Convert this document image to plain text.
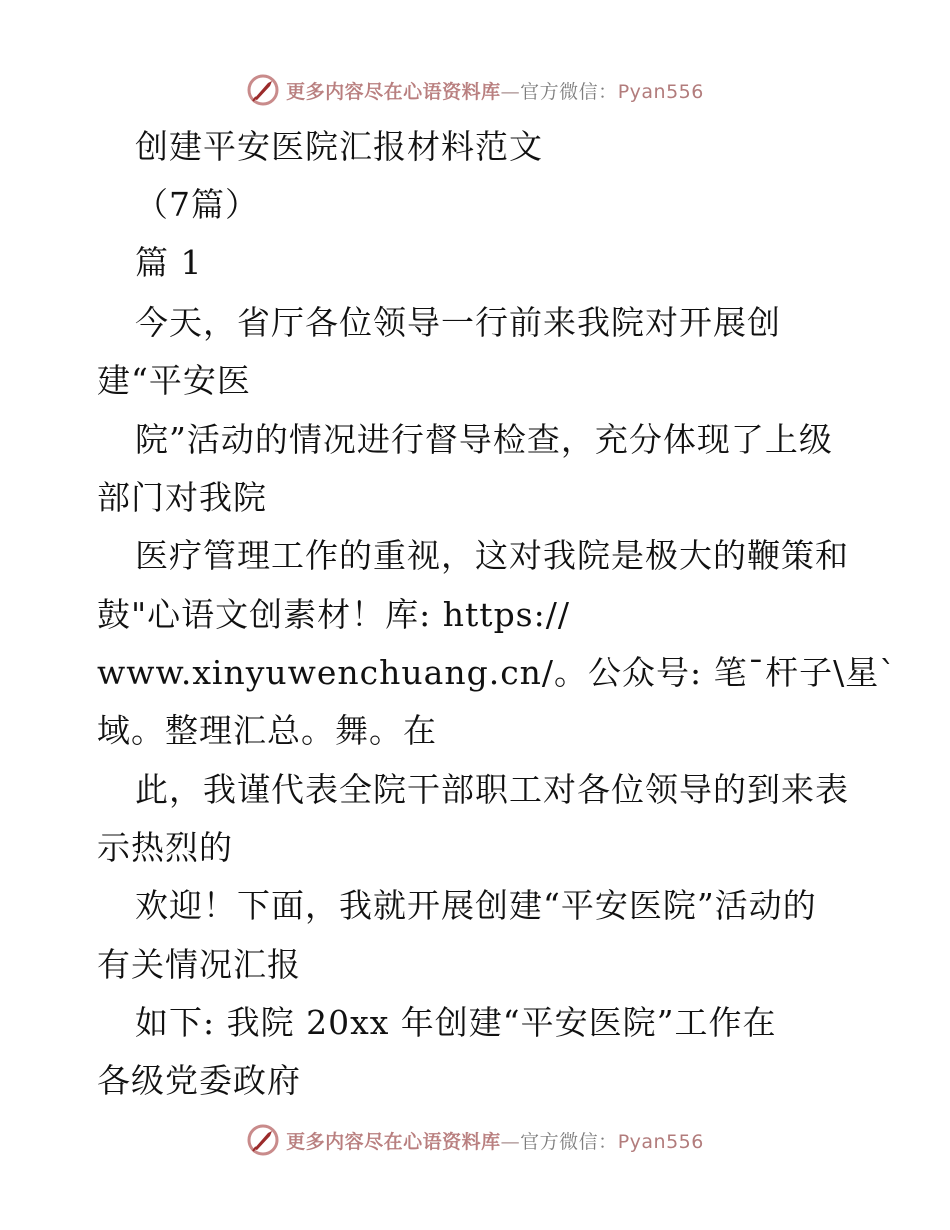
更多内容尽在心语资料库—官方微信：Pyan556
创建平安医院汇报材料范文
（7篇）
篇 1
今天，省厅各位领导一行前来我院对开展创
建“平安医
院”活动的情况进行督导检查，充分体现了上级
部门对我院
医疗管理工作的重视，这对我院是极大的鞭策和
鼓"心语文创素材！库: https://
www.xinyuwenchuang.cn/。公众号: 笔¯杆子\星`
域。整理汇总。舞。在
此，我谨代表全院干部职工对各位领导的到来表
示热烈的
欢迎！下面，我就开展创建“平安医院”活动的
有关情况汇报
如下: 我院 20xx 年创建“平安医院”工作在
各级党委政府
更多内容尽在心语资料库—官方微信：Pyan556
